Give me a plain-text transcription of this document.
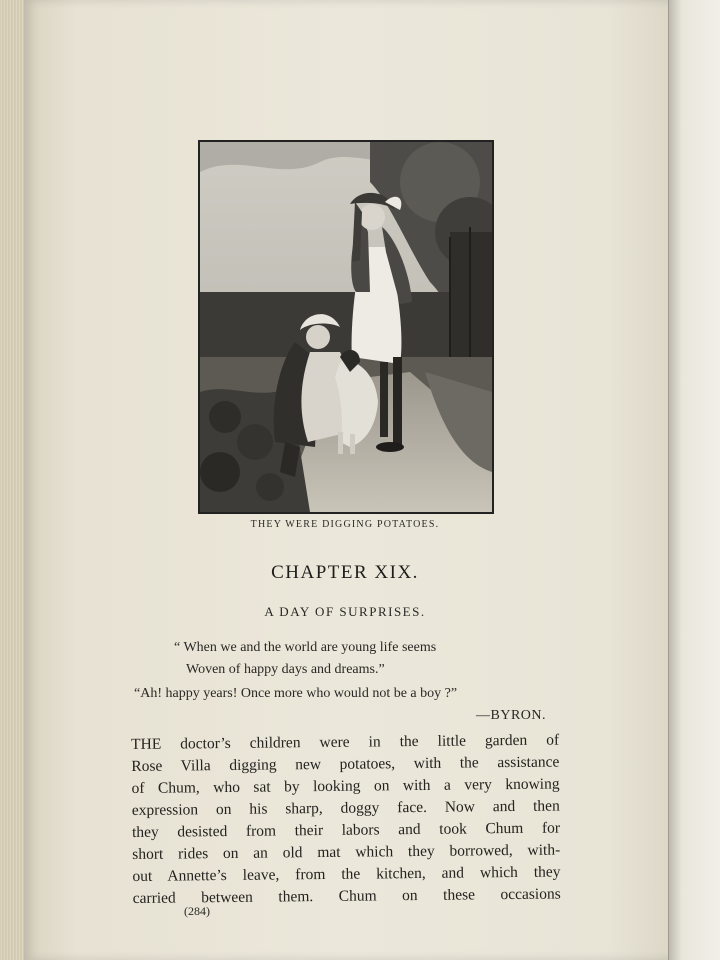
THEY WERE DIGGING POTATOES.
CHAPTER XIX.
A DAY OF SURPRISES.
“ When we and the world are young life seems
Woven of happy days and dreams.”
“Ah! happy years! Once more who would not be a boy ?”
—BYRON.
THE doctor’s children were in the little garden of
Rose Villa digging new potatoes, with the assistance
of Chum, who sat by looking on with a very knowing
expression on his sharp, doggy face. Now and then
they desisted from their labors and took Chum for
short rides on an old mat which they borrowed, with-
out Annette’s leave, from the kitchen, and which they
carried between them. Chum on these occasions
(284)
